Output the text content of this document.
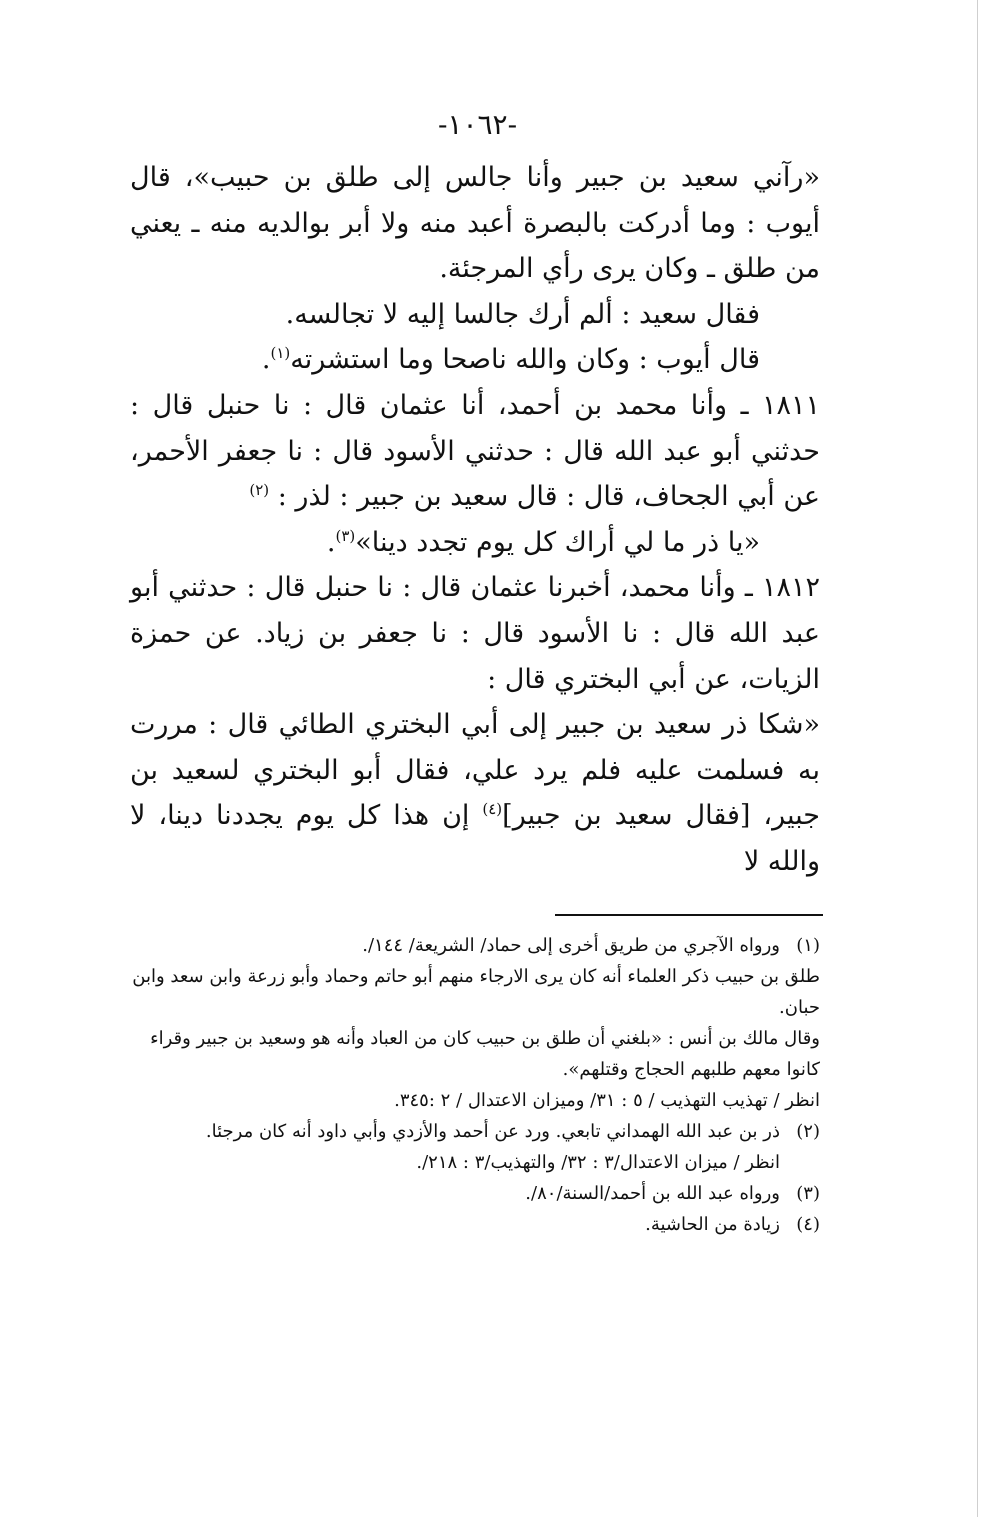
-١٠٦٢-

«رآني سعيد بن جبير وأنا جالس إلى طلق بن حبيب»، قال أيوب : وما أدركت بالبصرة أعبد منه ولا أبر بوالديه منه ـ يعني من طلق ـ وكان يرى رأي المرجئة.

فقال سعيد : ألم أرك جالسا إليه لا تجالسه.

قال أيوب : وكان والله ناصحا وما استشرته$^{(١)}$.

١٨١١ ـ وأنا محمد بن أحمد، أنا عثمان قال : نا حنبل قال : حدثني أبو عبد الله قال : حدثني الأسود قال : نا جعفر الأحمر، عن أبي الجحاف، قال : قال سعيد بن جبير : لذر : $^{(٢)}$

«يا ذر ما لي أراك كل يوم تجدد دينا»$^{(٣)}$.

١٨١٢ ـ وأنا محمد، أخبرنا عثمان قال : نا حنبل قال : حدثني أبو عبد الله قال : نا الأسود قال : نا جعفر بن زياد. عن حمزة الزيات، عن أبي البختري قال :

«شكا ذر سعيد بن جبير إلى أبي البختري الطائي قال : مررت به فسلمت عليه فلم يرد علي، فقال أبو البختري لسعيد بن جبير، [فقال سعيد بن جبير]$^{(٤)}$ إن هذا كل يوم يجددنا دينا، لا والله لا

(١)
ورواه الآجري من طريق أخرى إلى حماد/ الشريعة/ ١٤٤/.
طلق بن حبيب ذكر العلماء أنه كان يرى الارجاء منهم أبو حاتم وحماد وأبو زرعة وابن سعد وابن حبان.
وقال مالك بن أنس : «بلغني أن طلق بن حبيب كان من العباد وأنه هو وسعيد بن جبير وقراء كانوا معهم طلبهم الحجاج وقتلهم».
انظر / تهذيب التهذيب / ٥ : ٣١/ وميزان الاعتدال / ٢ :٣٤٥.
(٢)
ذر بن عبد الله الهمداني تابعي. ورد عن أحمد والأزدي وأبي داود أنه كان مرجئا.
انظر / ميزان الاعتدال/٣ : ٣٢/ والتهذيب/٣ : ٢١٨/.
(٣)
ورواه عبد الله بن أحمد/السنة/٨٠/.
(٤)
زيادة من الحاشية.
